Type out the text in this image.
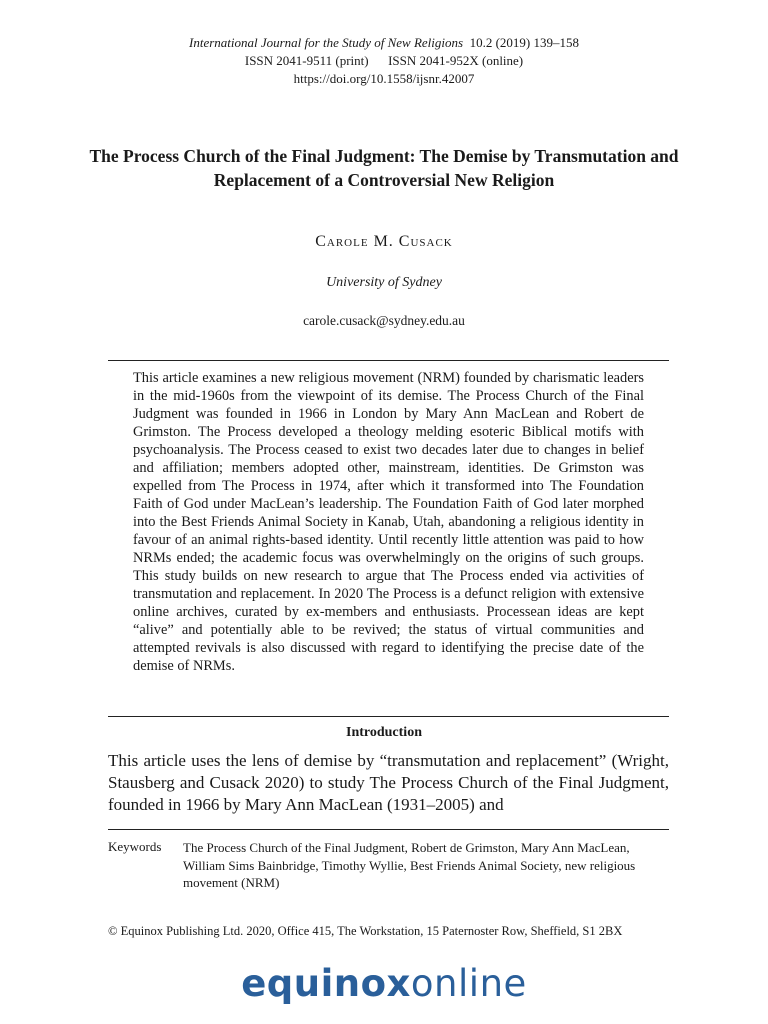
International Journal for the Study of New Religions 10.2 (2019) 139–158
ISSN 2041-9511 (print)      ISSN 2041-952X (online)
https://doi.org/10.1558/ijsnr.42007
The Process Church of the Final Judgment: The Demise by Transmutation and Replacement of a Controversial New Religion
Carole M. Cusack
University of Sydney
carole.cusack@sydney.edu.au
This article examines a new religious movement (NRM) founded by charismatic leaders in the mid-1960s from the viewpoint of its demise. The Process Church of the Final Judgment was founded in 1966 in London by Mary Ann MacLean and Robert de Grimston. The Process developed a theology melding esoteric Biblical motifs with psychoanalysis. The Process ceased to exist two decades later due to changes in belief and affiliation; members adopted other, mainstream, identities. De Grimston was expelled from The Process in 1974, after which it transformed into The Foundation Faith of God under MacLean’s leadership. The Foundation Faith of God later morphed into the Best Friends Animal Society in Kanab, Utah, abandoning a religious identity in favour of an animal rights-based identity. Until recently little attention was paid to how NRMs ended; the academic focus was overwhelmingly on the origins of such groups. This study builds on new research to argue that The Process ended via activities of transmutation and replacement. In 2020 The Process is a defunct religion with extensive online archives, curated by ex-members and enthusiasts. Processean ideas are kept “alive” and potentially able to be revived; the status of virtual communities and attempted revivals is also discussed with regard to identifying the precise date of the demise of NRMs.
Introduction
This article uses the lens of demise by “transmutation and replacement” (Wright, Stausberg and Cusack 2020) to study The Process Church of the Final Judgment, founded in 1966 by Mary Ann MacLean (1931–2005) and
Keywords The Process Church of the Final Judgment, Robert de Grimston, Mary Ann MacLean, William Sims Bainbridge, Timothy Wyllie, Best Friends Animal Society, new religious movement (NRM)
© Equinox Publishing Ltd. 2020, Office 415, The Workstation, 15 Paternoster Row, Sheffield, S1 2BX
equinoxonline
